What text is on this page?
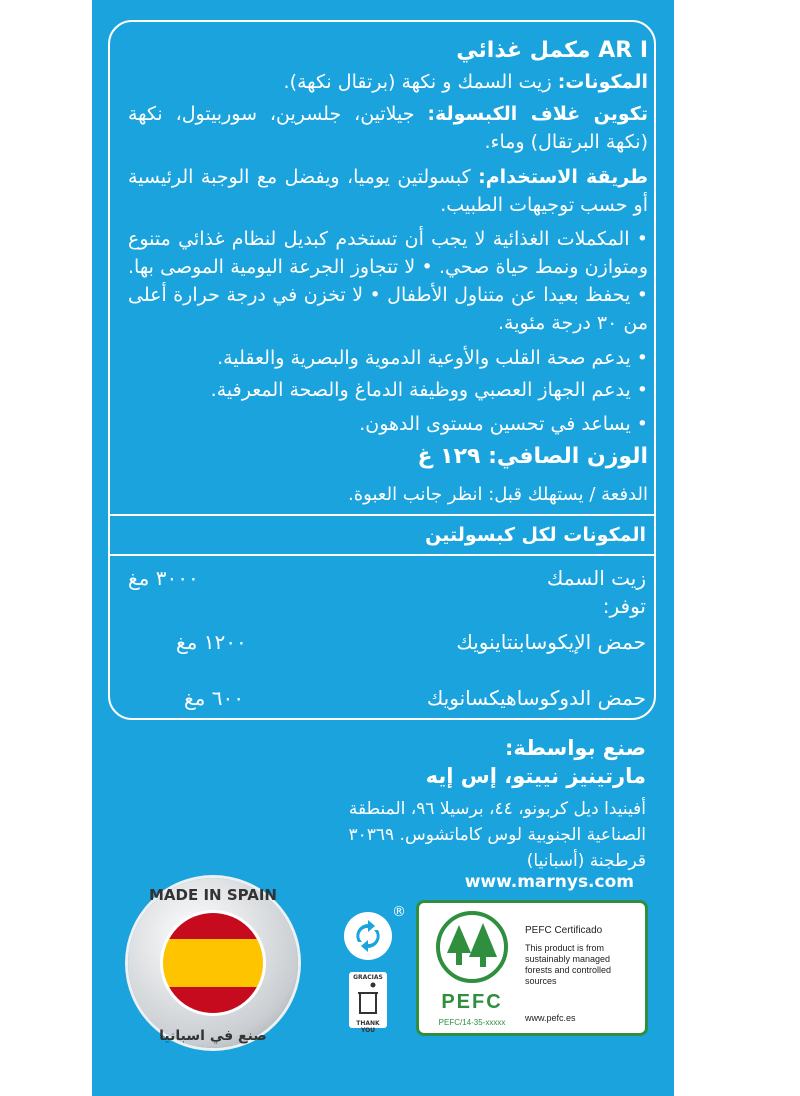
AR I مكمل غذائي
المكونات: زيت السمك و نكهة (برتقال نكهة).
تكوين غلاف الكبسولة: جيلاتين، جلسرين، سوربيتول، نكهة (نكهة البرتقال) وماء.
طريقة الاستخدام: كبسولتين يوميا، ويفضل مع الوجبة الرئيسية أو حسب توجيهات الطبيب.
• المكملات الغذائية لا يجب أن تستخدم كبديل لنظام غذائي متنوع ومتوازن ونمط حياة صحي. • لا تتجاوز الجرعة اليومية الموصى بها. • يحفظ بعيدا عن متناول الأطفال • لا تخزن في درجة حرارة أعلى من ٣٠ درجة مئوية.
• يدعم صحة القلب والأوعية الدموية والبصرية والعقلية.
• يدعم الجهاز العصبي ووظيفة الدماغ والصحة المعرفية.
• يساعد في تحسين مستوى الدهون.
الوزن الصافي: ١٢٩ غ
الدفعة / يستهلك قبل: انظر جانب العبوة.
المكونات لكل كبسولتين
زيت السمك
٣٠٠٠ مغ
توفر:
حمض الإيكوسابنتاينويك
١٢٠٠ مغ
حمض الدوكوساهيكسانويك
٦٠٠ مغ
صنع بواسطة:
مارتينيز نييتو، إس إيه
أفينيدا ديل كربونو، ٤٤، برسيلا ٩٦، المنطقة الصناعية الجنوبية لوس كاماتشوس. ٣٠٣٦٩ قرطجنة (أسبانيا)
www.marnys.com
MADE IN SPAIN
صنع في اسبانيا
®
GRACIAS
THANK YOU
PEFC
PEFC/14-35-xxxxx
PEFC Certificado
This product is from sustainably managed forests and controlled sources
www.pefc.es
